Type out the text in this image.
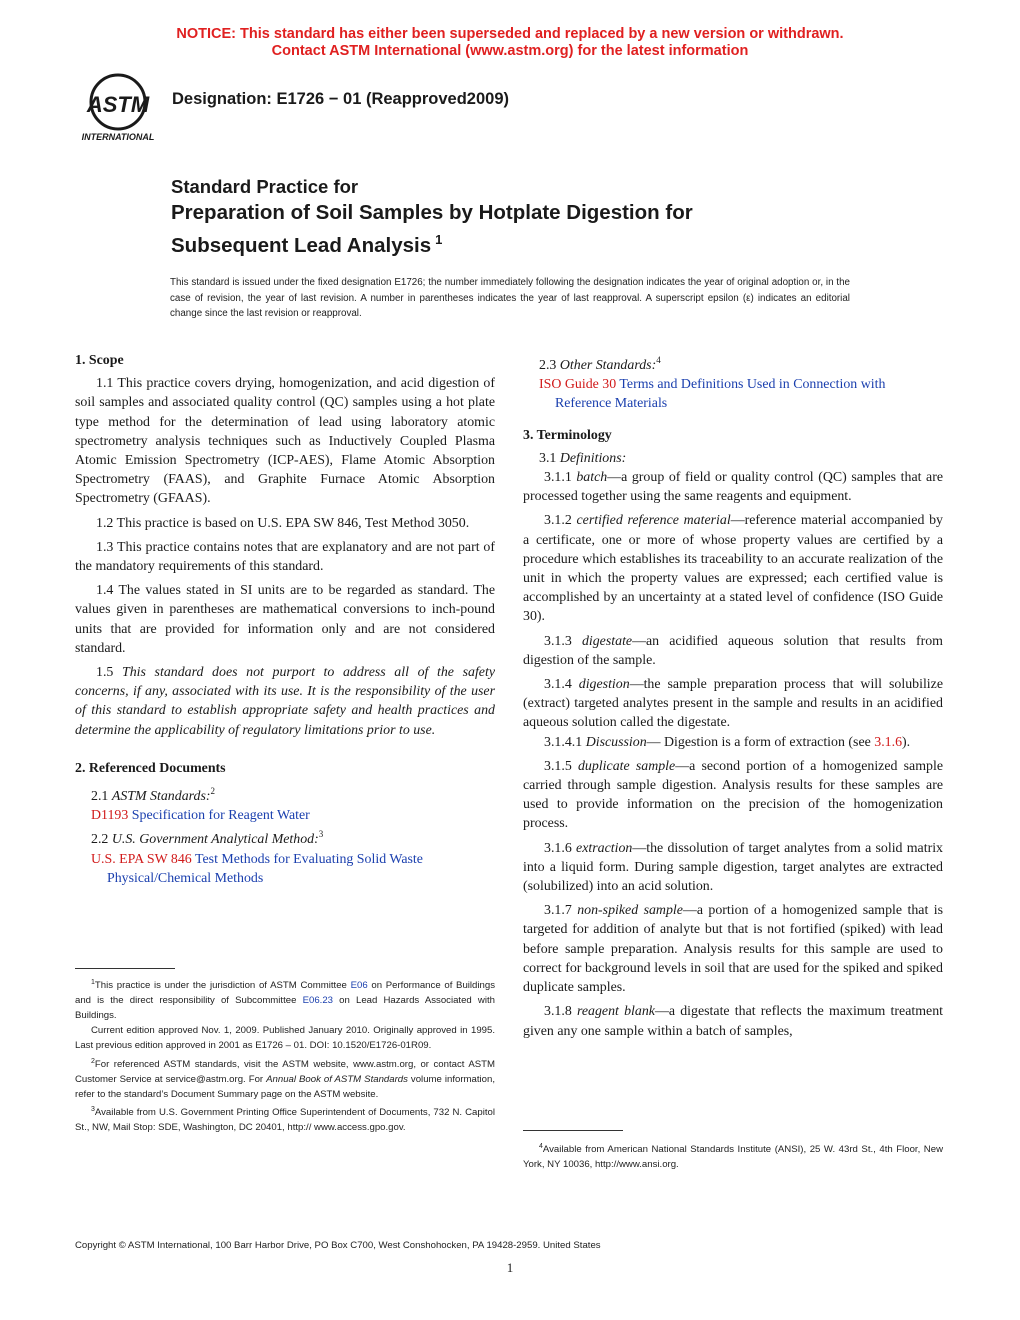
NOTICE: This standard has either been superseded and replaced by a new version or withdrawn.
Contact ASTM International (www.astm.org) for the latest information
ASTM
INTERNATIONAL
Designation: E1726 − 01 (Reapproved2009)
Standard Practice for
Preparation of Soil Samples by Hotplate Digestion for
Subsequent Lead Analysis $^1$
This standard is issued under the fixed designation E1726; the number immediately following the designation indicates the year of original adoption or, in the case of revision, the year of last revision. A number in parentheses indicates the year of last reapproval. A superscript epsilon (ε) indicates an editorial change since the last revision or reapproval.

1. Scope

1.1 This practice covers drying, homogenization, and acid digestion of soil samples and associated quality control (QC) samples using a hot plate type method for the determination of lead using laboratory atomic spectrometry analysis techniques such as Inductively Coupled Plasma Atomic Emission Spectrometry (ICP-AES), Flame Atomic Absorption Spectrometry (FAAS), and Graphite Furnace Atomic Absorption Spectrometry (GFAAS).

1.2 This practice is based on U.S. EPA SW 846, Test Method 3050.

1.3 This practice contains notes that are explanatory and are not part of the mandatory requirements of this standard.

1.4 The values stated in SI units are to be regarded as standard. The values given in parentheses are mathematical conversions to inch-pound units that are provided for information only and are not considered standard.

1.5 This standard does not purport to address all of the safety concerns, if any, associated with its use. It is the responsibility of the user of this standard to establish appropriate safety and health practices and determine the applicability of regulatory limitations prior to use.

2. Referenced Documents

2.1 ASTM Standards:$^2$

D1193 Specification for Reagent Water

2.2 U.S. Government Analytical Method:$^3$

U.S. EPA SW 846 Test Methods for Evaluating Solid Waste Physical/Chemical Methods

2.3 Other Standards:$^4$

ISO Guide 30 Terms and Definitions Used in Connection with Reference Materials

3. Terminology

3.1 Definitions:

3.1.1 batch—a group of field or quality control (QC) samples that are processed together using the same reagents and equipment.

3.1.2 certified reference material—reference material accompanied by a certificate, one or more of whose property values are certified by a procedure which establishes its traceability to an accurate realization of the unit in which the property values are expressed; each certified value is accomplished by an uncertainty at a stated level of confidence (ISO Guide 30).

3.1.3 digestate—an acidified aqueous solution that results from digestion of the sample.

3.1.4 digestion—the sample preparation process that will solubilize (extract) targeted analytes present in the sample and results in an acidified aqueous solution called the digestate.

3.1.4.1 Discussion— Digestion is a form of extraction (see 3.1.6).

3.1.5 duplicate sample—a second portion of a homogenized sample carried through sample digestion. Analysis results for these samples are used to provide information on the precision of the homogenization process.

3.1.6 extraction—the dissolution of target analytes from a solid matrix into a liquid form. During sample digestion, target analytes are extracted (solubilized) into an acid solution.

3.1.7 non-spiked sample—a portion of a homogenized sample that is targeted for addition of analyte but that is not fortified (spiked) with lead before sample preparation. Analysis results for this sample are used to correct for background levels in soil that are used for the spiked and spiked duplicate samples.

3.1.8 reagent blank—a digestate that reflects the maximum treatment given any one sample within a batch of samples,

$^1$This practice is under the jurisdiction of ASTM Committee E06 on Performance of Buildings and is the direct responsibility of Subcommittee E06.23 on Lead Hazards Associated with Buildings.

Current edition approved Nov. 1, 2009. Published January 2010. Originally approved in 1995. Last previous edition approved in 2001 as E1726 – 01. DOI: 10.1520/E1726-01R09.

$^2$For referenced ASTM standards, visit the ASTM website, www.astm.org, or contact ASTM Customer Service at service@astm.org. For Annual Book of ASTM Standards volume information, refer to the standard’s Document Summary page on the ASTM website.

$^3$Available from U.S. Government Printing Office Superintendent of Documents, 732 N. Capitol St., NW, Mail Stop: SDE, Washington, DC 20401, http:// www.access.gpo.gov.

$^4$Available from American National Standards Institute (ANSI), 25 W. 43rd St., 4th Floor, New York, NY 10036, http://www.ansi.org.

Copyright © ASTM International, 100 Barr Harbor Drive, PO Box C700, West Conshohocken, PA 19428-2959. United States
1
